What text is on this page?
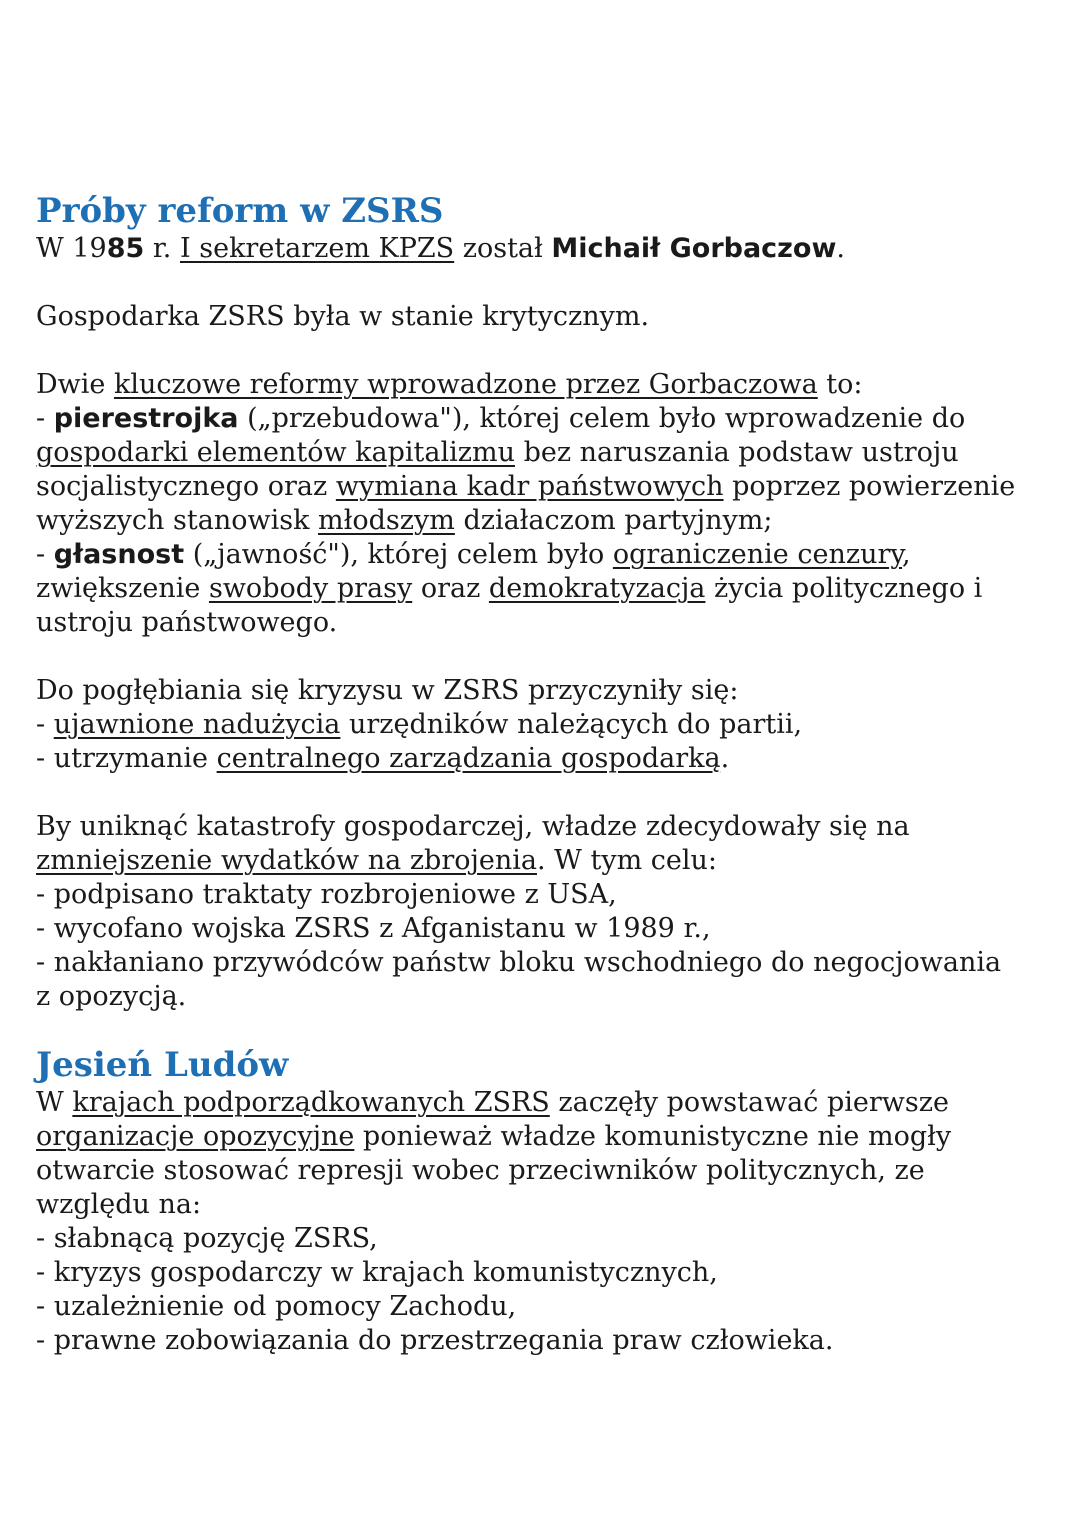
Próby reform w ZSRS

W 1985 r. I sekretarzem KPZS został Michaił Gorbaczow.

Gospodarka ZSRS była w stanie krytycznym.

Dwie kluczowe reformy wprowadzone przez Gorbaczowa to:
- pierestrojka („przebudowa"), której celem było wprowadzenie do
gospodarki elementów kapitalizmu bez naruszania podstaw ustroju
socjalistycznego oraz wymiana kadr państwowych poprzez powierzenie
wyższych stanowisk młodszym działaczom partyjnym;
- głasnost („jawność"), której celem było ograniczenie cenzury,
zwiększenie swobody prasy oraz demokratyzacja życia politycznego i
ustroju państwowego.

Do pogłębiania się kryzysu w ZSRS przyczyniły się:
- ujawnione nadużycia urzędników należących do partii,
- utrzymanie centralnego zarządzania gospodarką.

By uniknąć katastrofy gospodarczej, władze zdecydowały się na
zmniejszenie wydatków na zbrojenia. W tym celu:
- podpisano traktaty rozbrojeniowe z USA,
- wycofano wojska ZSRS z Afganistanu w 1989 r.,
- nakłaniano przywódców państw bloku wschodniego do negocjowania
z opozycją.

Jesień Ludów

W krajach podporządkowanych ZSRS zaczęły powstawać pierwsze
organizacje opozycyjne ponieważ władze komunistyczne nie mogły
otwarcie stosować represji wobec przeciwników politycznych, ze
względu na:
- słabnącą pozycję ZSRS,
- kryzys gospodarczy w krajach komunistycznych,
- uzależnienie od pomocy Zachodu,
- prawne zobowiązania do przestrzegania praw człowieka.
